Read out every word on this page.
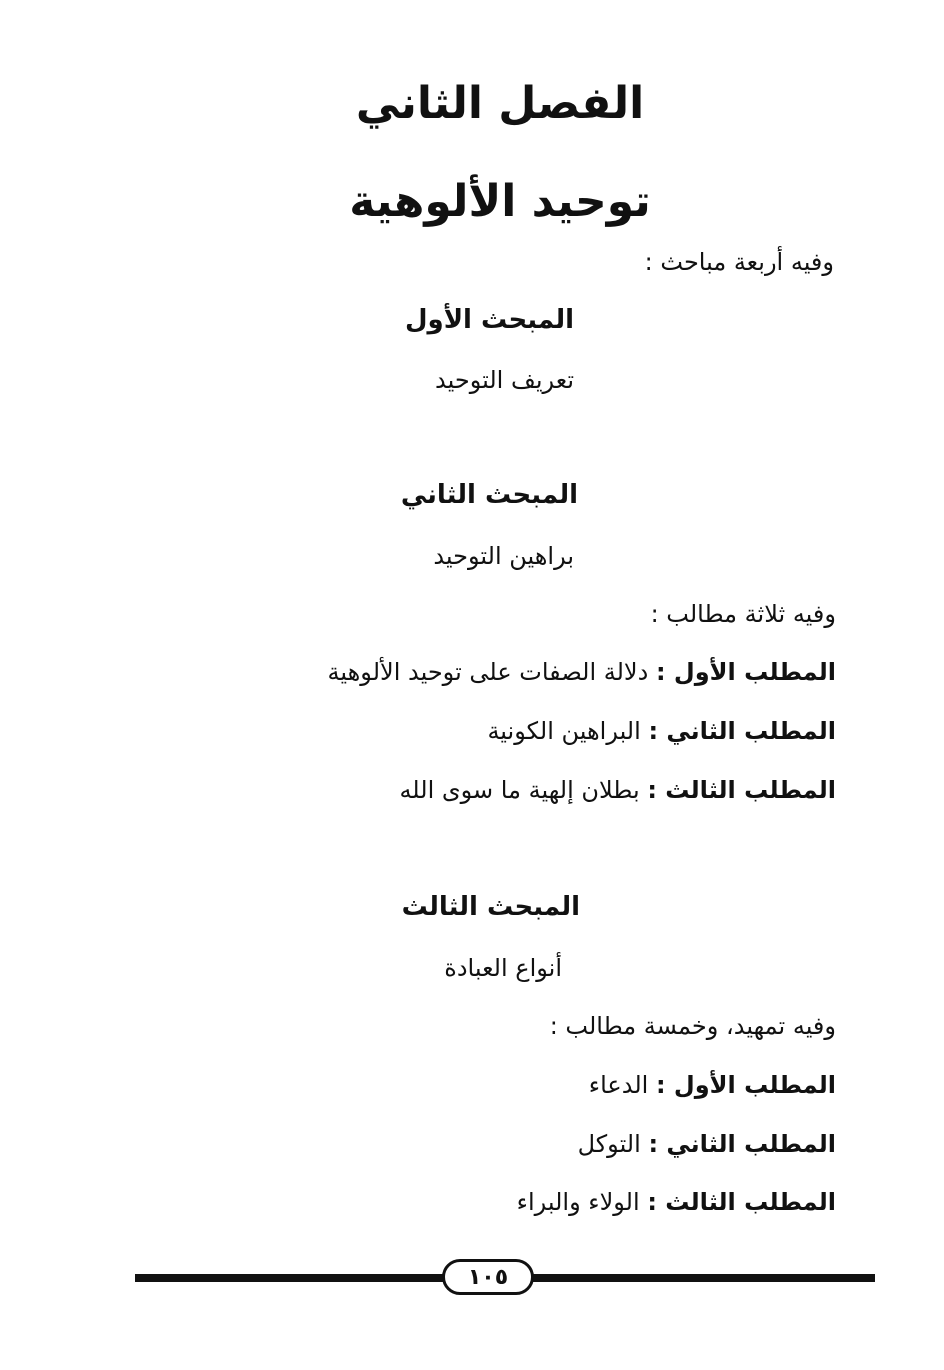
الفصل الثاني
توحيد الألوهية
وفيه أربعة مباحث :
المبحث الأول
تعريف التوحيد
المبحث الثاني
براهين التوحيد
وفيه ثلاثة مطالب :
المطلب الأول : دلالة الصفات على توحيد الألوهية
المطلب الثاني : البراهين الكونية
المطلب الثالث : بطلان إلهية ما سوى الله
المبحث الثالث
أنواع العبادة
وفيه تمهيد، وخمسة مطالب :
المطلب الأول : الدعاء
المطلب الثاني : التوكل
المطلب الثالث : الولاء والبراء
١٠٥
